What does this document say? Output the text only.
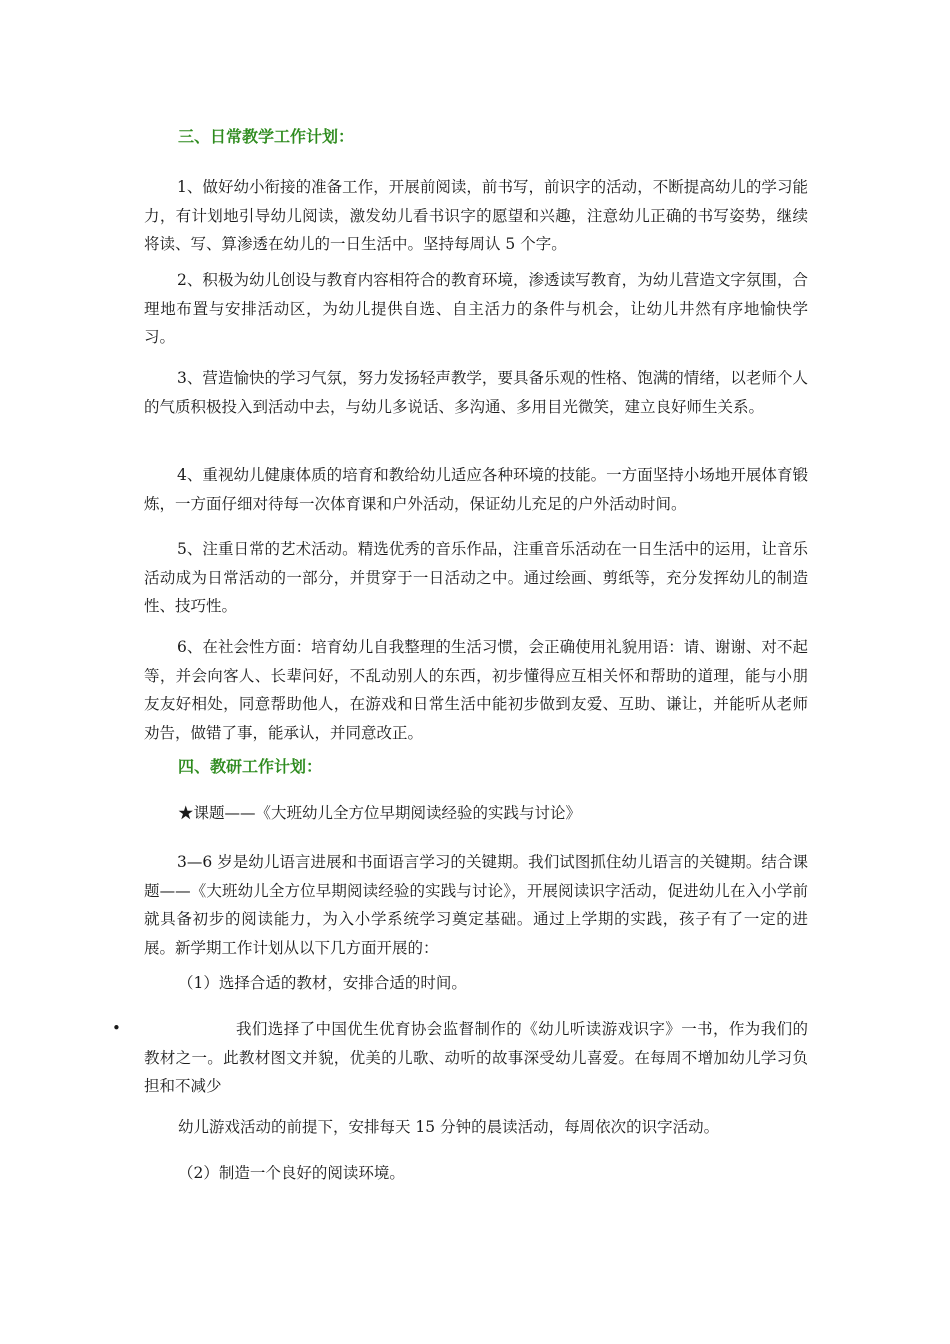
三、日常教学工作计划：

1、做好幼小衔接的准备工作，开展前阅读，前书写，前识字的活动，不断提高幼儿的学习能力，有计划地引导幼儿阅读，激发幼儿看书识字的愿望和兴趣，注意幼儿正确的书写姿势，继续将读、写、算渗透在幼儿的一日生活中。坚持每周认 5 个字。

2、积极为幼儿创设与教育内容相符合的教育环境，渗透读写教育，为幼儿营造文字氛围，合理地布置与安排活动区，为幼儿提供自选、自主活力的条件与机会，让幼儿井然有序地愉快学习。

3、营造愉快的学习气氛，努力发扬轻声教学，要具备乐观的性格、饱满的情绪，以老师个人的气质积极投入到活动中去，与幼儿多说话、多沟通、多用目光微笑，建立良好师生关系。

4、重视幼儿健康体质的培育和教给幼儿适应各种环境的技能。一方面坚持小场地开展体育锻炼，一方面仔细对待每一次体育课和户外活动，保证幼儿充足的户外活动时间。

5、注重日常的艺术活动。精选优秀的音乐作品，注重音乐活动在一日生活中的运用，让音乐活动成为日常活动的一部分，并贯穿于一日活动之中。通过绘画、剪纸等，充分发挥幼儿的制造性、技巧性。

6、在社会性方面：培育幼儿自我整理的生活习惯，会正确使用礼貌用语：请、谢谢、对不起等，并会向客人、长辈问好，不乱动别人的东西，初步懂得应互相关怀和帮助的道理，能与小朋友友好相处，同意帮助他人，在游戏和日常生活中能初步做到友爱、互助、谦让，并能听从老师劝告，做错了事，能承认，并同意改正。

四、教研工作计划：

★课题——《大班幼儿全方位早期阅读经验的实践与讨论》

3—6 岁是幼儿语言进展和书面语言学习的关键期。我们试图抓住幼儿语言的关键期。结合课题——《大班幼儿全方位早期阅读经验的实践与讨论》，开展阅读识字活动，促进幼儿在入小学前就具备初步的阅读能力，为入小学系统学习奠定基础。通过上学期的实践，孩子有了一定的进展。新学期工作计划从以下几方面开展的：

（1）选择合适的教材，安排合适的时间。

•	我们选择了中国优生优育协会监督制作的《幼儿听读游戏识字》一书，作为我们的教材之一。此教材图文并貌，优美的儿歌、动听的故事深受幼儿喜爱。在每周不增加幼儿学习负担和不减少

幼儿游戏活动的前提下，安排每天 15 分钟的晨读活动，每周依次的识字活动。

（2）制造一个良好的阅读环境。
